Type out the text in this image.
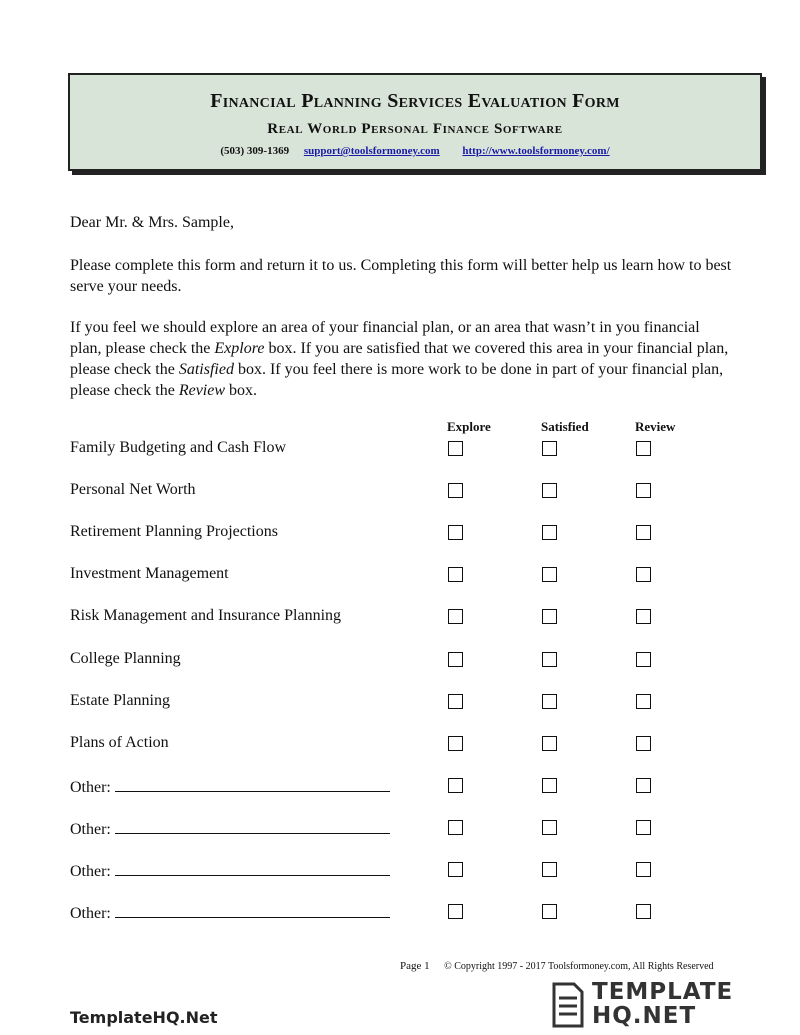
Financial Planning Services Evaluation Form
Real World Personal Finance Software
(503) 309-1369 support@toolsformoney.com http://www.toolsformoney.com/
Dear Mr. & Mrs. Sample,
Please complete this form and return it to us. Completing this form will better help us learn how to best serve your needs.
If you feel we should explore an area of your financial plan, or an area that wasn’t in you financial plan, please check the Explore box. If you are satisfied that we covered this area in your financial plan, please check the Satisfied box. If you feel there is more work to be done in part of your financial plan, please check the Review box.
Explore	Satisfied	Review
Family Budgeting and Cash Flow
Personal Net Worth
Retirement Planning Projections
Investment Management
Risk Management and Insurance Planning
College Planning
Estate Planning
Plans of Action
Other:
Other:
Other:
Other:
Page 1 © Copyright 1997 - 2017 Toolsformoney.com, All Rights Reserved
TemplateHQ.Net
TEMPLATE
HQ.NET
